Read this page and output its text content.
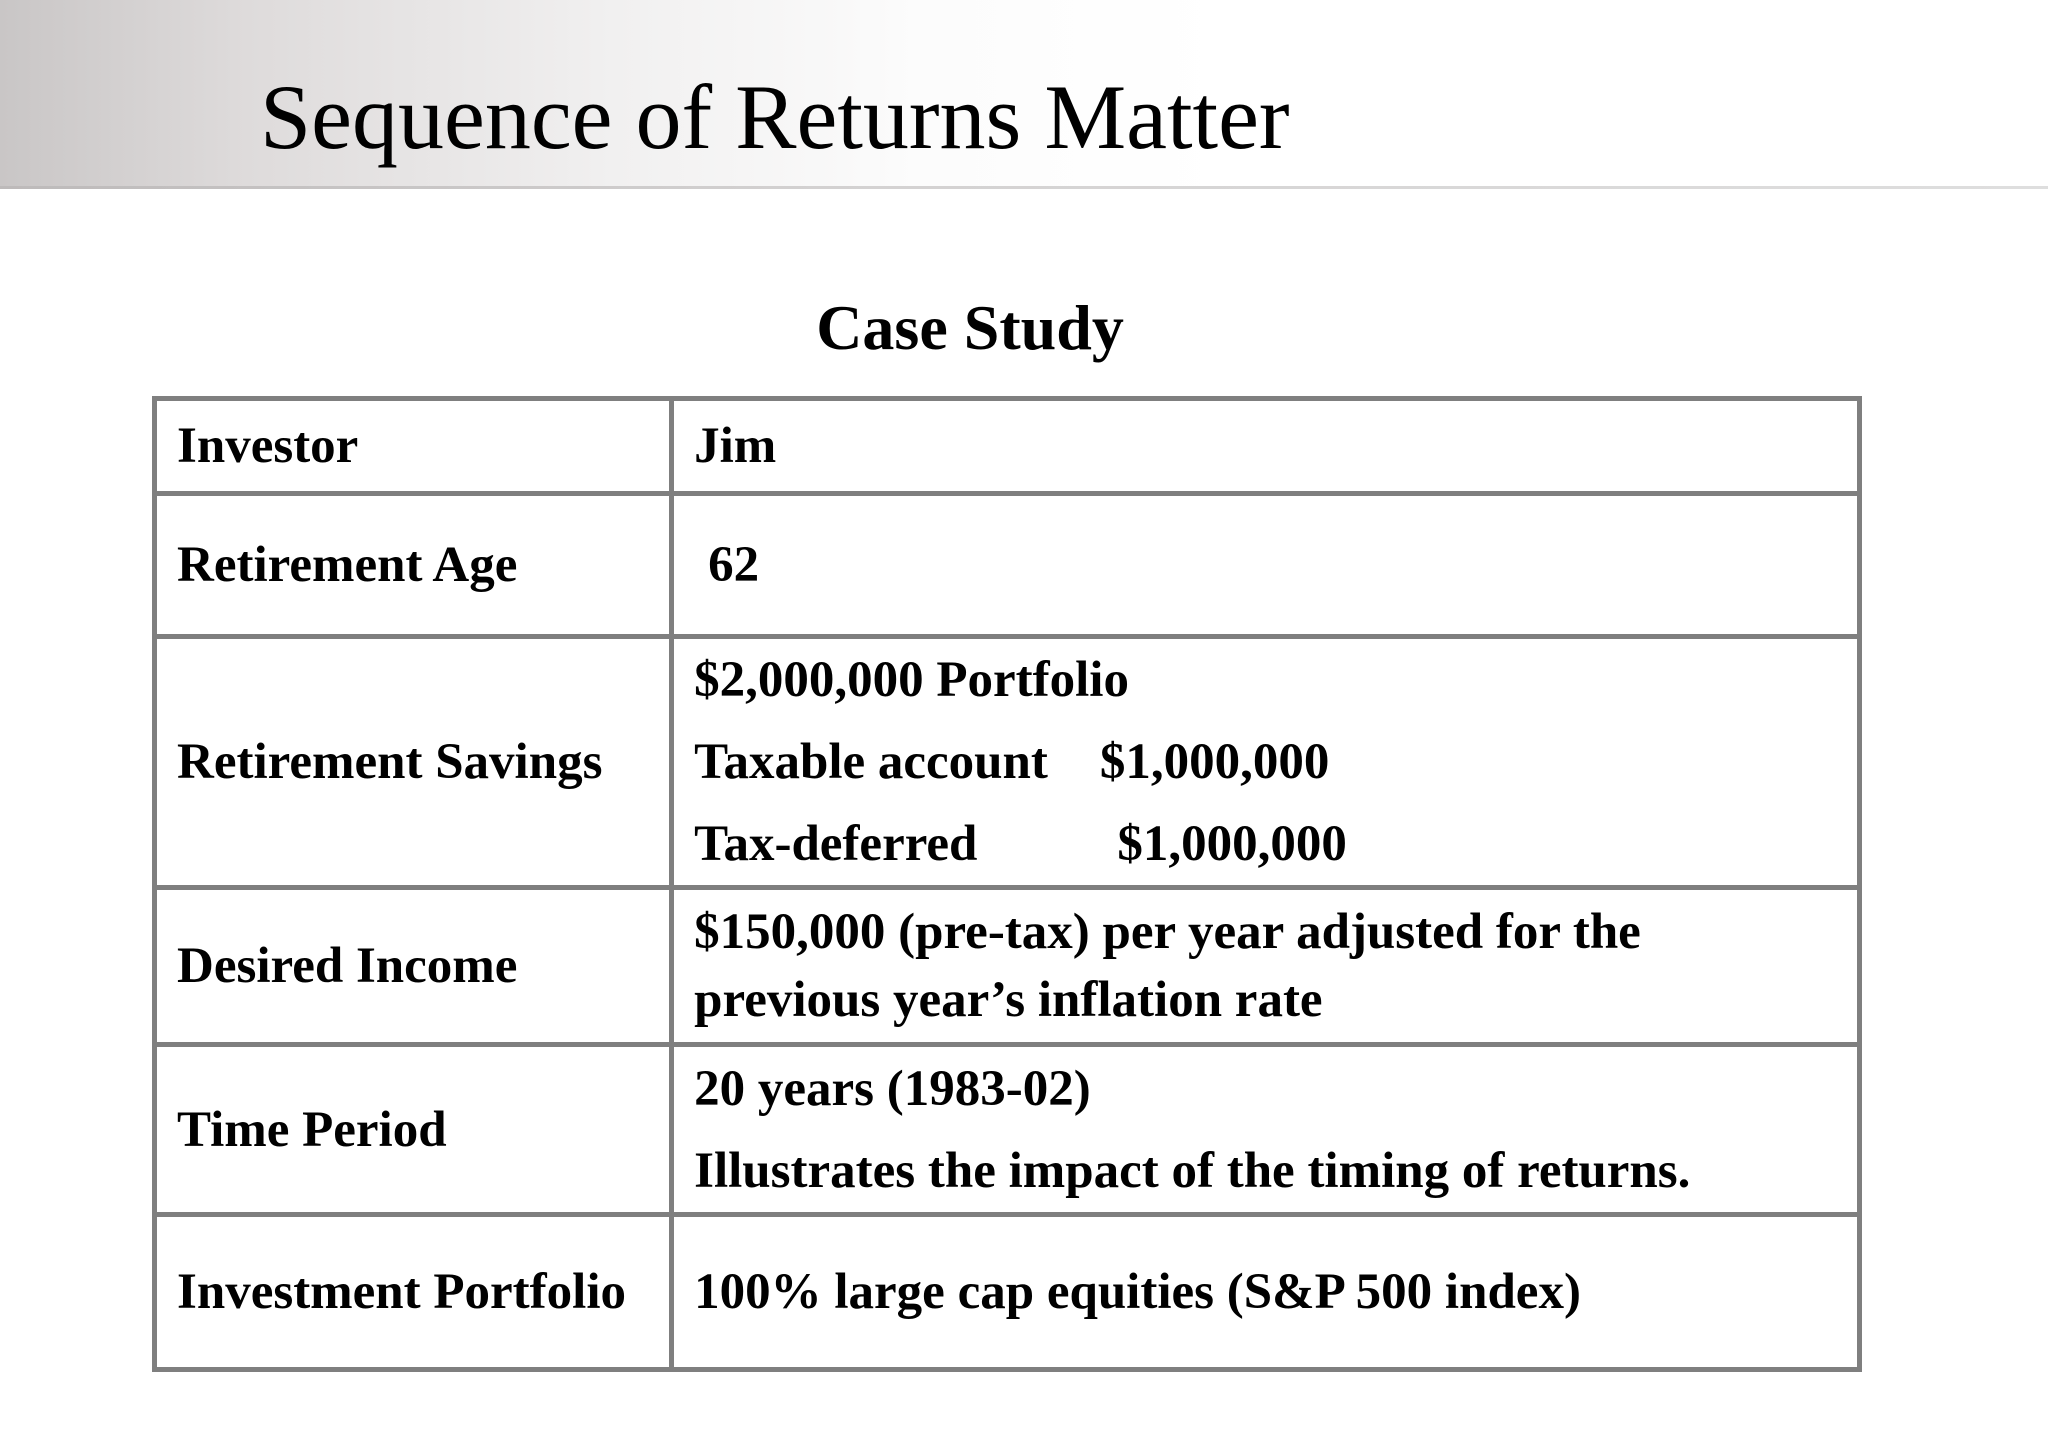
Sequence of Returns Matter
Case Study
Investor	Jim

Retirement Age	62

Retirement Savings	$2,000,000 Portfolio
Taxable account $1,000,000
Tax-deferred $1,000,000

Desired Income	$150,000 (pre-tax) per year adjusted for the
previous year’s inflation rate

Time Period	20 years (1983-02)
Illustrates the impact of the timing of returns.

Investment Portfolio	100% large cap equities (S&P 500 index)
